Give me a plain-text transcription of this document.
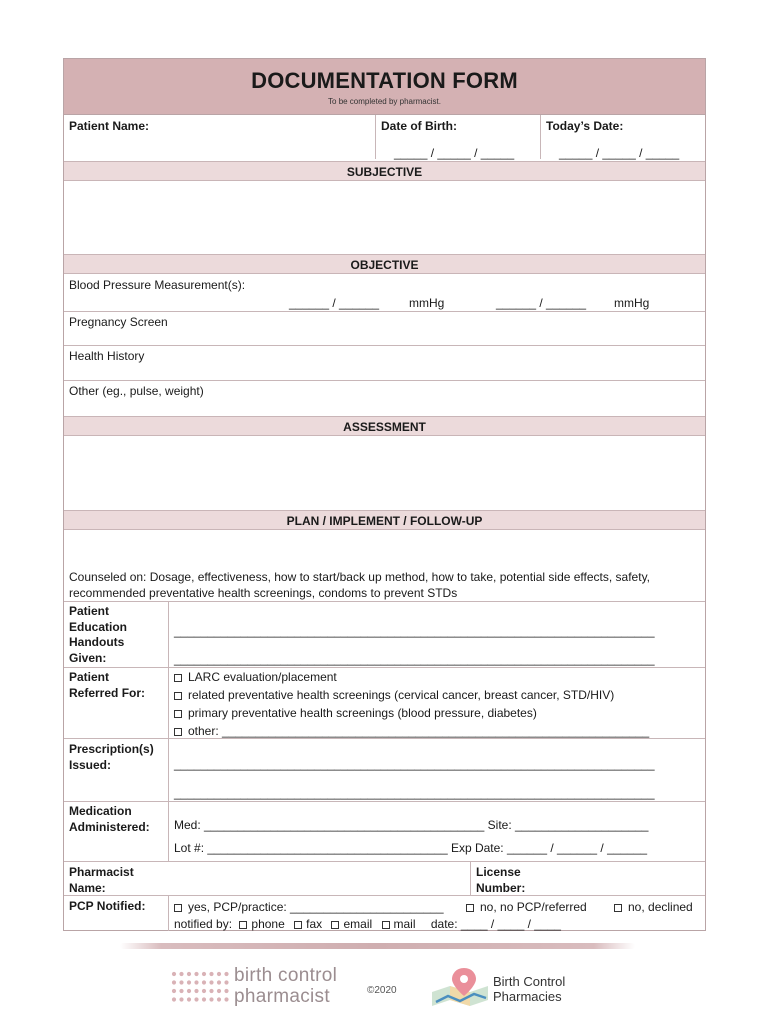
DOCUMENTATION FORM
To be completed by pharmacist.
Patient Name:	Date of Birth:
_____ / _____ / _____
Today’s Date:
_____ / _____ / _____
SUBJECTIVE
OBJECTIVE
Blood Pressure Measurement(s):
______ / ______ mmHg	______ / ______ mmHg
Pregnancy Screen
Health History
Other (eg., pulse, weight)
ASSESSMENT
PLAN / IMPLEMENT / FOLLOW-UP
Counseled on: Dosage, effectiveness, how to start/back up method, how to take, potential side effects, safety, recommended preventative health screenings, condoms to prevent STDs
Patient Education Handouts Given:
________________________________________________________________________
________________________________________________________________________
Patient Referred For:
LARC evaluation/placement
related preventative health screenings (cervical cancer, breast cancer, STD/HIV)
primary preventative health screenings (blood pressure, diabetes)
other: ________________________________________________________________
Prescription(s) Issued:	________________________________________________________________________
________________________________________________________________________
Medication Administered:	Med: __________________________________________ Site: ____________________
Lot #: ____________________________________ Exp Date: ______ / ______ / ______
Pharmacist Name:
License Number:
PCP Notified:	yes, PCP/practice: _______________________	no, no PCP/referred	no, declined
notified by: phone fax email mail date: ____ / ____ / ____
birth control
pharmacist	©2020
Birth Control
Pharmacies
